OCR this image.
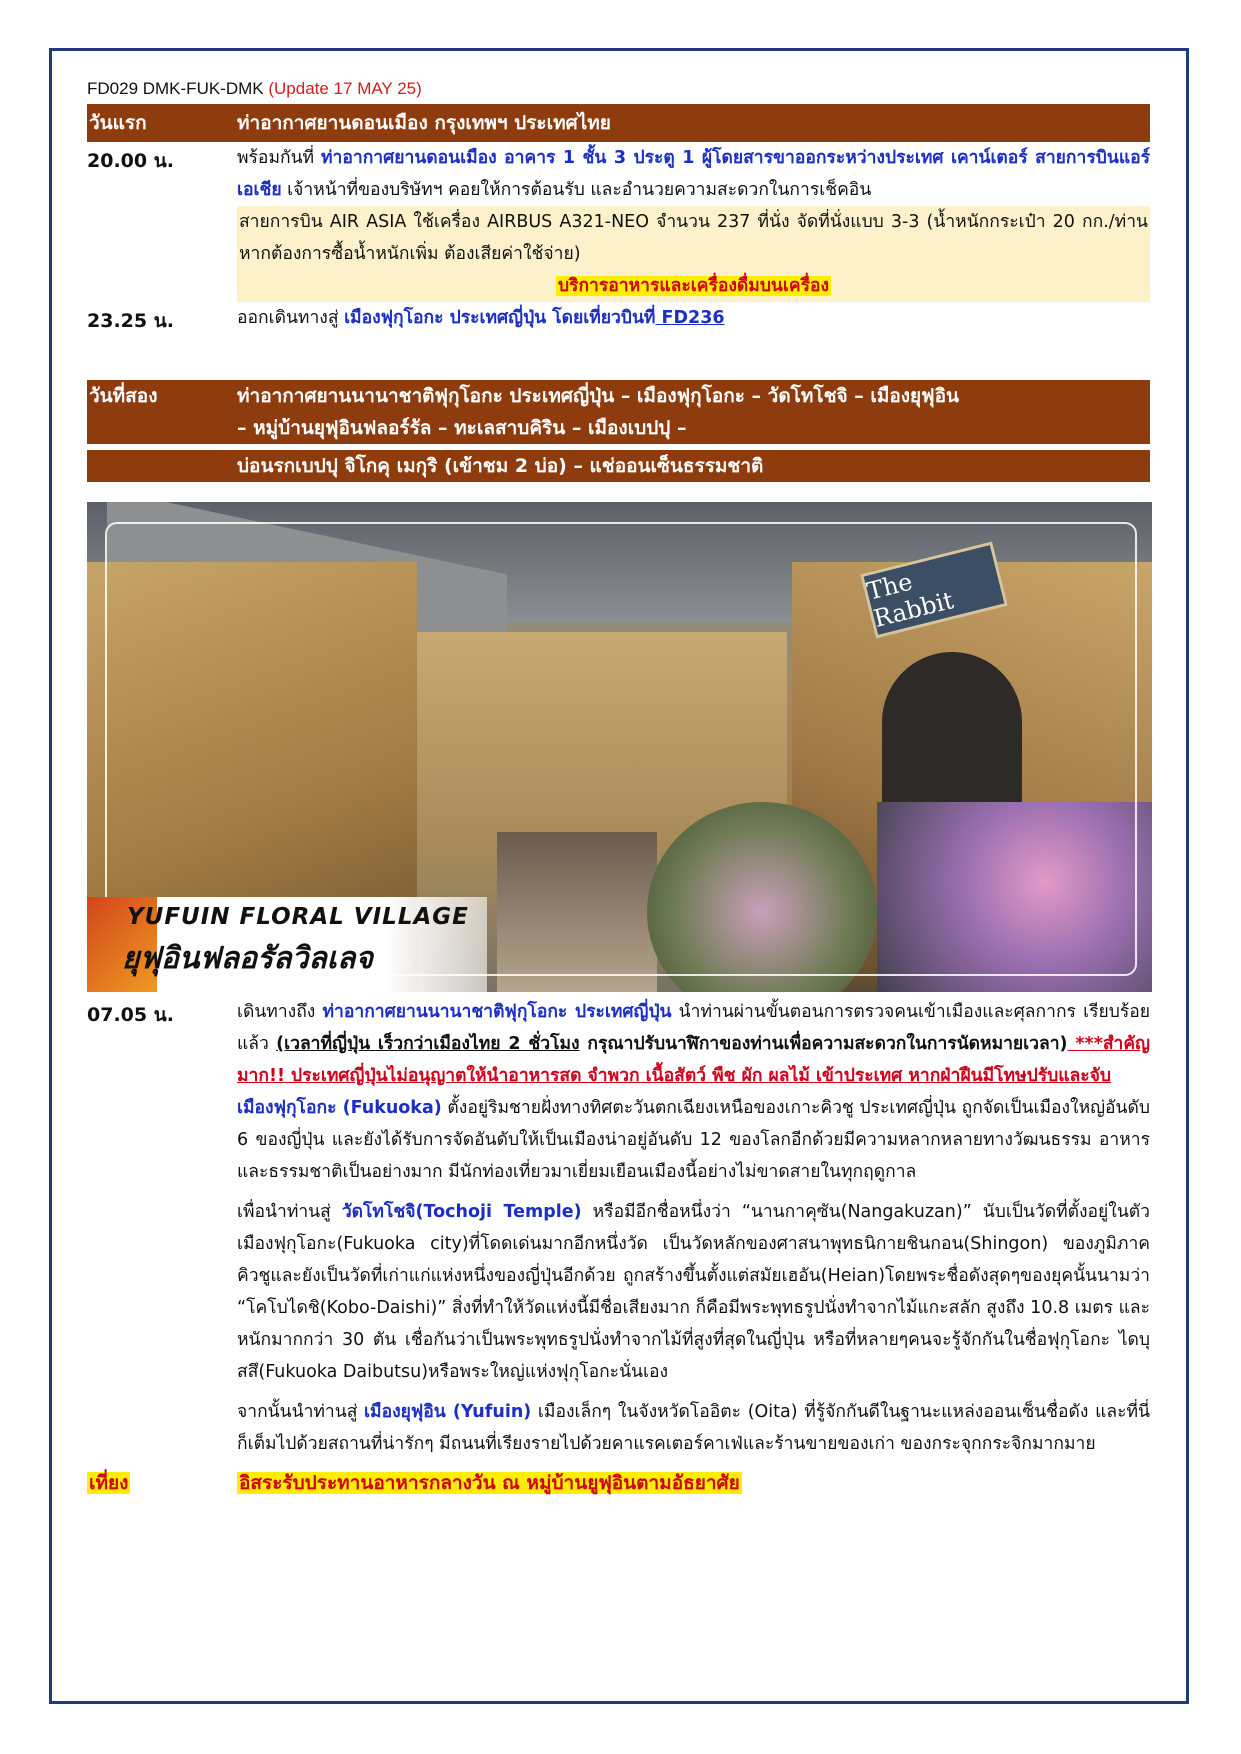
FD029 DMK-FUK-DMK (Update 17 MAY 25)
วันแรก	ท่าอากาศยานดอนเมือง กรุงเทพฯ ประเทศไทย
20.00 น.	พร้อมกันที่ ท่าอากาศยานดอนเมือง อาคาร 1 ชั้น 3 ประตู 1 ผู้โดยสารขาออกระหว่างประเทศ เคาน์เตอร์ สายการบินแอร์เอเชีย เจ้าหน้าที่ของบริษัทฯ คอยให้การต้อนรับ และอำนวยความสะดวกในการเช็คอิน
สายการบิน AIR ASIA ใช้เครื่อง AIRBUS A321-NEO จำนวน 237 ที่นั่ง จัดที่นั่งแบบ 3-3 (น้ำหนักกระเป๋า 20 กก./ท่าน หากต้องการซื้อน้ำหนักเพิ่ม ต้องเสียค่าใช้จ่าย)
บริการอาหารและเครื่องดื่มบนเครื่อง
23.25 น.	ออกเดินทางสู่ เมืองฟุกุโอกะ ประเทศญี่ปุ่น โดยเที่ยวบินที่ FD236
วันที่สอง	ท่าอากาศยานนานาชาติฟุกุโอกะ ประเทศญี่ปุ่น – เมืองฟุกุโอกะ – วัดโทโชจิ – เมืองยุฟุอิน
– หมู่บ้านยุฟุอินฟลอร์รัล – ทะเลสาบคิริน – เมืองเบปปุ –
บ่อนรกเบปปุ จิโกคุ เมกุริ (เข้าชม 2 บ่อ) – แช่ออนเซ็นธรรมชาติ
The Rabbit
YUFUIN FLORAL VILLAGE
ยุฟุอินฟลอรัลวิลเลจ
07.05 น.	เดินทางถึง ท่าอากาศยานนานาชาติฟุกุโอกะ ประเทศญี่ปุ่น นำท่านผ่านขั้นตอนการตรวจคนเข้าเมืองและศุลกากร เรียบร้อยแล้ว (เวลาที่ญี่ปุ่น เร็วกว่าเมืองไทย 2 ชั่วโมง กรุณาปรับนาฬิกาของท่านเพื่อความสะดวกในการนัดหมายเวลา) ***สำคัญมาก!! ประเทศญี่ปุ่นไม่อนุญาตให้นำอาหารสด จำพวก เนื้อสัตว์ พืช ผัก ผลไม้ เข้าประเทศ หากฝ่าฝืนมีโทษปรับและจับ
เมืองฟุกุโอกะ (Fukuoka) ตั้งอยู่ริมชายฝั่งทางทิศตะวันตกเฉียงเหนือของเกาะคิวชู ประเทศญี่ปุ่น ถูกจัดเป็นเมืองใหญ่อันดับ 6 ของญี่ปุ่น และยังได้รับการจัดอันดับให้เป็นเมืองน่าอยู่อันดับ 12 ของโลกอีกด้วยมีความหลากหลายทางวัฒนธรรม อาหาร และธรรมชาติเป็นอย่างมาก มีนักท่องเที่ยวมาเยี่ยมเยือนเมืองนี้อย่างไม่ขาดสายในทุกฤดูกาล
เพื่อนำท่านสู่ วัดโทโชจิ(Tochoji Temple) หรือมีอีกชื่อหนึ่งว่า “นานกาคุซัน(Nangakuzan)” นับเป็นวัดที่ตั้งอยู่ในตัวเมืองฟุกุโอกะ(Fukuoka city)ที่โดดเด่นมากอีกหนึ่งวัด เป็นวัดหลักของศาสนาพุทธนิกายชินกอน(Shingon) ของภูมิภาคคิวชูและยังเป็นวัดที่เก่าแก่แห่งหนึ่งของญี่ปุ่นอีกด้วย ถูกสร้างขึ้นตั้งแต่สมัยเฮอัน(Heian)โดยพระชื่อดังสุดๆของยุคนั้นนามว่า “โคโบไดชิ(Kobo-Daishi)” สิ่งที่ทำให้วัดแห่งนี้มีชื่อเสียงมาก ก็คือมีพระพุทธรูปนั่งทำจากไม้แกะสลัก สูงถึง 10.8 เมตร และหนักมากกว่า 30 ตัน เชื่อกันว่าเป็นพระพุทธรูปนั่งทำจากไม้ที่สูงที่สุดในญี่ปุ่น หรือที่หลายๆคนจะรู้จักกันในชื่อฟุกุโอกะ ไดบุสสึ(Fukuoka Daibutsu)หรือพระใหญ่แห่งฟุกุโอกะนั่นเอง
จากนั้นนำท่านสู่ เมืองยุฟุอิน (Yufuin) เมืองเล็กๆ ในจังหวัดโออิตะ (Oita) ที่รู้จักกันดีในฐานะแหล่งออนเซ็นชื่อดัง และที่นี่ก็เต็มไปด้วยสถานที่น่ารักๆ มีถนนที่เรียงรายไปด้วยคาแรคเตอร์คาเฟ่และร้านขายของเก่า ของกระจุกกระจิกมากมาย
เที่ยง	อิสระรับประทานอาหารกลางวัน ณ หมู่บ้านยูฟุอินตามอัธยาศัย
